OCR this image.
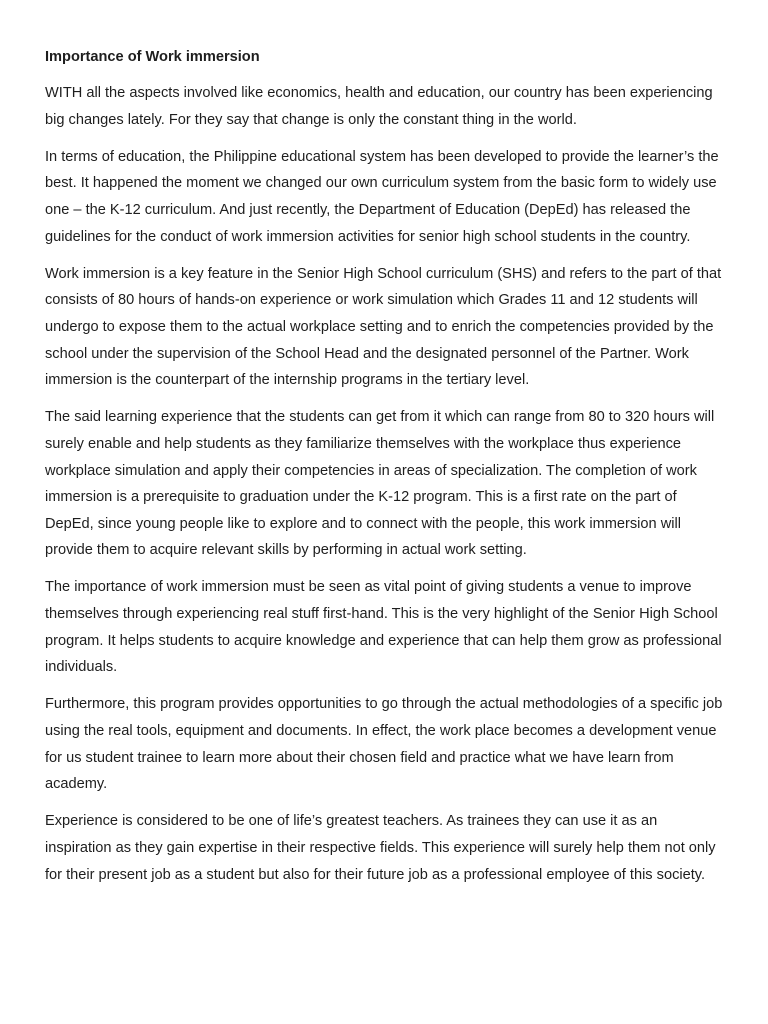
Importance of Work immersion

WITH all the aspects involved like economics, health and education, our country has been experiencing big changes lately. For they say that change is only the constant thing in the world.

In terms of education, the Philippine educational system has been developed to provide the learner’s the best. It happened the moment we changed our own curriculum system from the basic form to widely use one – the K-12 curriculum. And just recently, the Department of Education (DepEd) has released the guidelines for the conduct of work immersion activities for senior high school students in the country.

Work immersion is a key feature in the Senior High School curriculum (SHS) and refers to the part of that consists of 80 hours of hands-on experience or work simulation which Grades 11 and 12 students will undergo to expose them to the actual workplace setting and to enrich the competencies provided by the school under the supervision of the School Head and the designated personnel of the Partner. Work immersion is the counterpart of the internship programs in the tertiary level.

The said learning experience that the students can get from it which can range from 80 to 320 hours will surely enable and help students as they familiarize themselves with the workplace thus experience workplace simulation and apply their competencies in areas of specialization. The completion of work immersion is a prerequisite to graduation under the K-12 program. This is a first rate on the part of DepEd, since young people like to explore and to connect with the people, this work immersion will provide them to acquire relevant skills by performing in actual work setting.

The importance of work immersion must be seen as vital point of giving students a venue to improve themselves through experiencing real stuff first-hand. This is the very highlight of the Senior High School program. It helps students to acquire knowledge and experience that can help them grow as professional individuals.

Furthermore, this program provides opportunities to go through the actual methodologies of a specific job using the real tools, equipment and documents. In effect, the work place becomes a development venue for us student trainee to learn more about their chosen field and practice what we have learn from academy.

Experience is considered to be one of life’s greatest teachers. As trainees they can use it as an inspiration as they gain expertise in their respective fields. This experience will surely help them not only for their present job as a student but also for their future job as a professional employee of this society.
